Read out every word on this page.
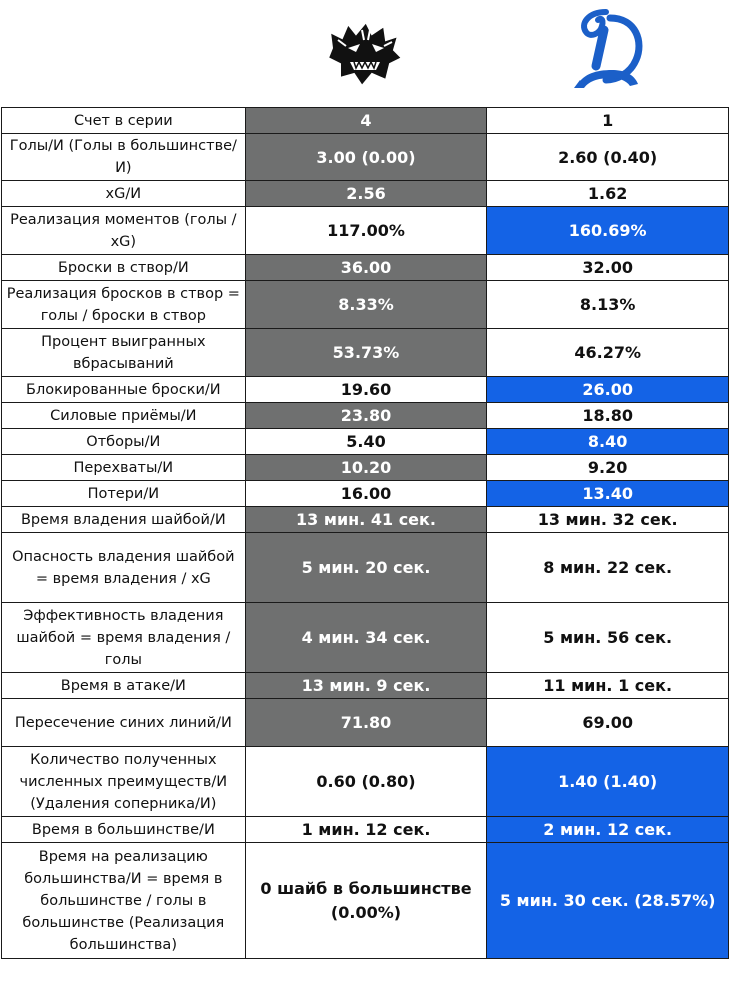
Счет в серии	4	1
Голы/И (Голы в большинстве/И)	3.00 (0.00)	2.60 (0.40)
xG/И	2.56	1.62
Реализация моментов (голы / xG)	117.00%	160.69%
Броски в створ/И	36.00	32.00
Реализация бросков в створ = голы / броски в створ	8.33%	8.13%
Процент выигранных вбрасываний	53.73%	46.27%
Блокированные броски/И	19.60	26.00
Силовые приёмы/И	23.80	18.80
Отборы/И	5.40	8.40
Перехваты/И	10.20	9.20
Потери/И	16.00	13.40
Время владения шайбой/И	13 мин. 41 сек.	13 мин. 32 сек.
Опасность владения шайбой = время владения / xG	5 мин. 20 сек.	8 мин. 22 сек.
Эффективность владения шайбой = время владения / голы	4 мин. 34 сек.	5 мин. 56 сек.
Время в атаке/И	13 мин. 9 сек.	11 мин. 1 сек.
Пересечение синих линий/И	71.80	69.00
Количество полученных численных преимуществ/И (Удаления соперника/И)	0.60 (0.80)	1.40 (1.40)
Время в большинстве/И	1 мин. 12 сек.	2 мин. 12 сек.
Время на реализацию большинства/И = время в большинстве / голы в большинстве (Реализация большинства)	0 шайб в большинстве (0.00%)	5 мин. 30 сек. (28.57%)
